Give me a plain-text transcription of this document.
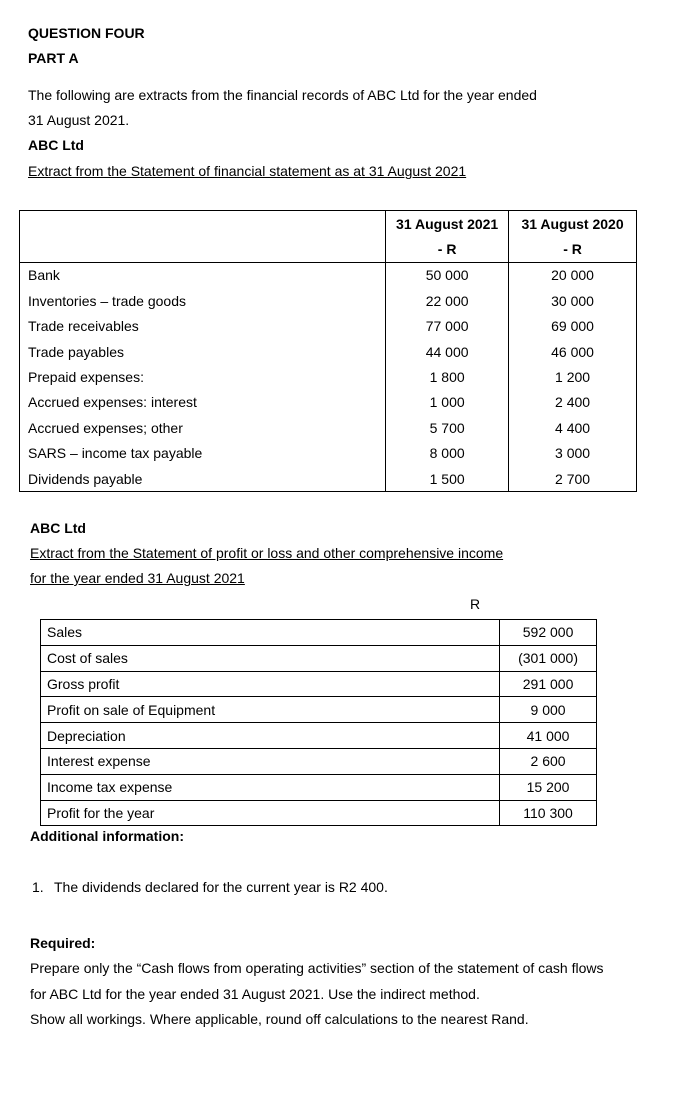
QUESTION FOUR
PART A
The following are extracts from the financial records of ABC Ltd for the year ended
31 August 2021.
ABC Ltd
Extract from the Statement of financial statement as at 31 August 2021
	31 August 2021	31 August 2020
	- R	- R
Bank	50 000	20 000
Inventories – trade goods	22 000	30 000
Trade receivables	77 000	69 000
Trade payables	44 000	46 000
Prepaid expenses:	1 800	1 200
Accrued expenses: interest	1 000	2 400
Accrued expenses; other	5 700	4 400
SARS – income tax payable	8 000	3 000
Dividends payable	1 500	2 700
ABC Ltd
Extract from the Statement of profit or loss and other comprehensive income
for the year ended 31 August 2021
R
Sales	592 000
Cost of sales	(301 000)
Gross profit	291 000
Profit on sale of Equipment	9 000
Depreciation	41 000
Interest expense	2 600
Income tax expense	15 200
Profit for the year	110 300
Additional information:
1. The dividends declared for the current year is R2 400.
Required:
Prepare only the “Cash flows from operating activities” section of the statement of cash flows
for ABC Ltd for the year ended 31 August 2021. Use the indirect method.
Show all workings. Where applicable, round off calculations to the nearest Rand.
